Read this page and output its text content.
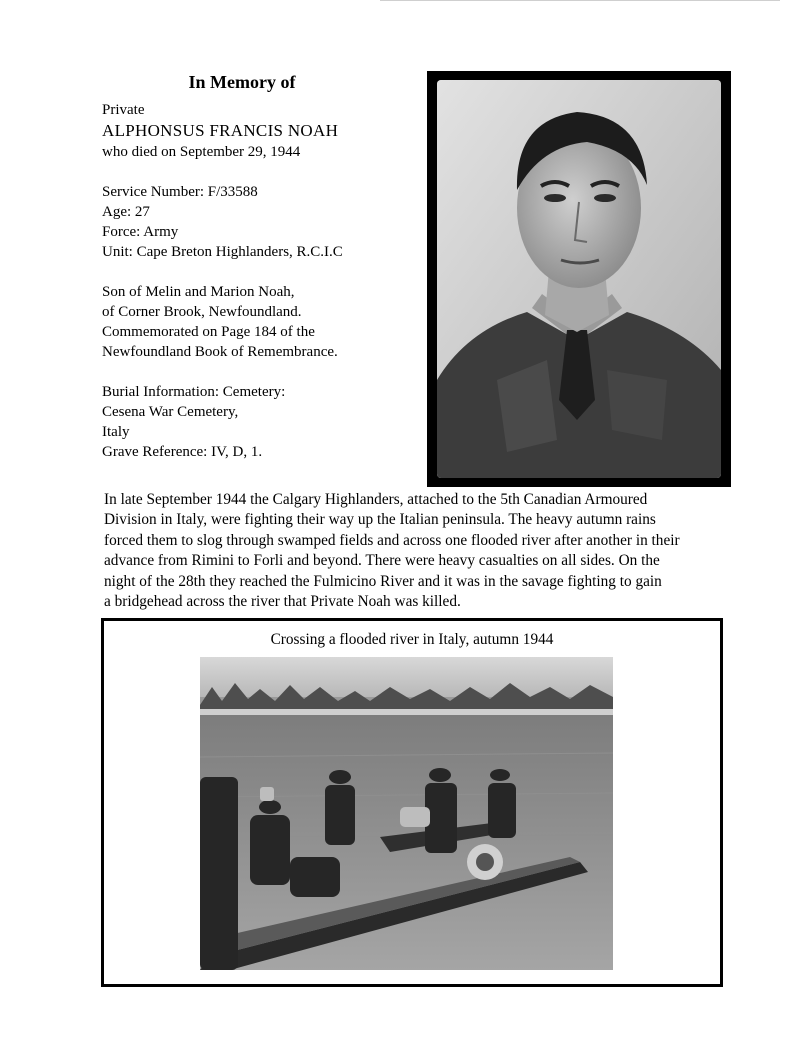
In Memory of
Private
ALPHONSUS FRANCIS NOAH
who died on September 29, 1944
Service Number: F/33588
Age: 27
Force: Army
Unit: Cape Breton Highlanders, R.C.I.C
Son of Melin and Marion Noah,
of Corner Brook, Newfoundland.
Commemorated on Page 184 of the
Newfoundland Book of Remembrance.
Burial Information: Cemetery:
Cesena War Cemetery,
Italy
Grave Reference: IV, D, 1.
In late September 1944 the Calgary Highlanders, attached to the 5th Canadian Armoured
Division in Italy, were fighting their way up the Italian peninsula. The heavy autumn rains
forced them to slog through swamped fields and across one flooded river after another in their
advance from Rimini to Forli and beyond. There were heavy casualties on all sides. On the
night of the 28th they reached the Fulmicino River and it was in the savage fighting to gain
a bridgehead across the river that Private Noah was killed.
Crossing a flooded river in Italy, autumn 1944
